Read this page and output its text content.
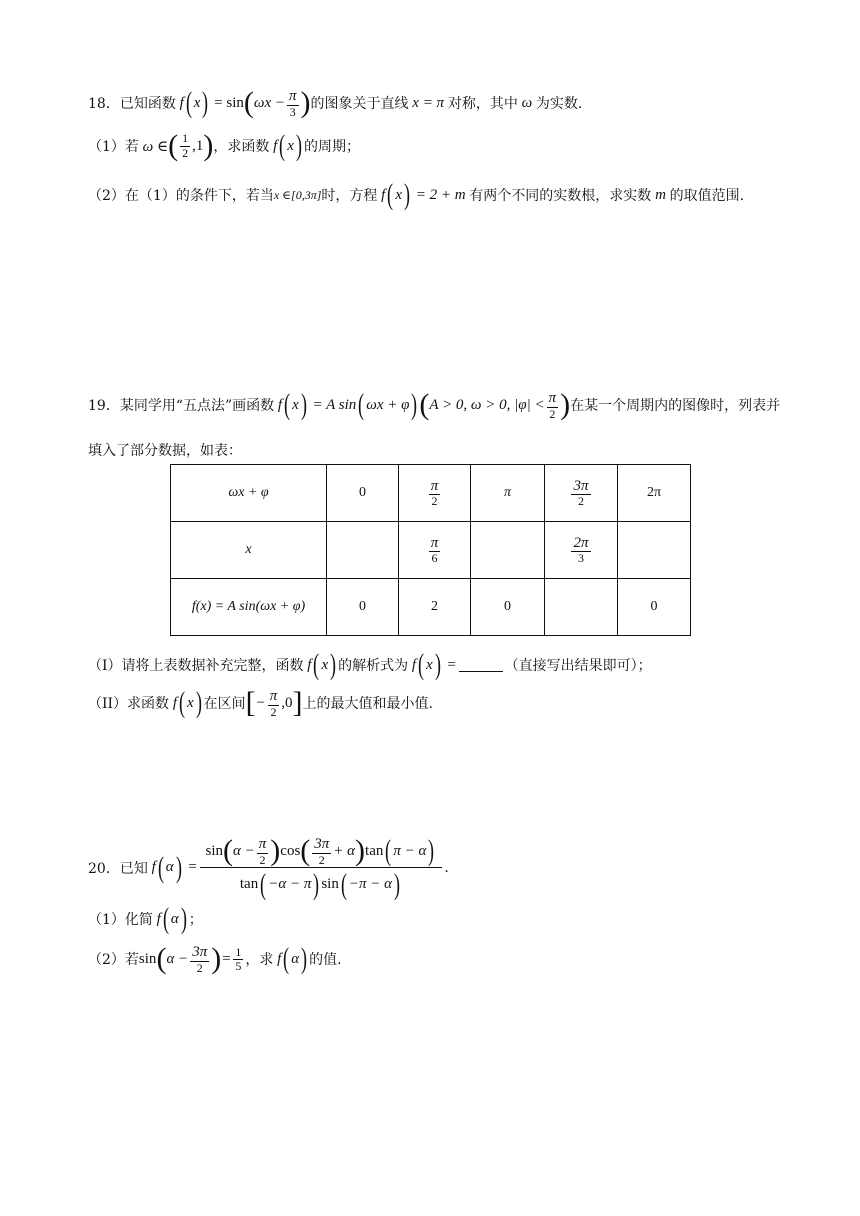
18． 已知函数 f ( x ) = sin ( $\omega x - \frac{\pi}{3}$ ) 的图象关于直线 x = π 对称，其中 ω 为实数.
（1）若 ω ∈ ( $\frac{1}{2} ,1$ ) ，求函数 f ( x ) 的周期；
（2）在（1）的条件下，若当 x ∈[0,3π] 时，方程 f ( x ) = 2 + m 有两个不同的实数根，求实数 m 的取值范围.
19． 某同学用“五点法”画函数 f ( x ) = A sin ( ωx + φ ) ( A > 0, ω > 0, $|\varphi| < \frac{\pi}{2}$ ) 在某一个周期内的图像时，列表并
填入了部分数据，如表：
ωx + φ	0	$\frac{\pi}{2}$	π	$\frac{3\pi}{2}$	2π
x		$\frac{\pi}{6}$		$\frac{2\pi}{3}$

f(x) = A sin(ωx + φ)	0	2	0		0
（I）请将上表数据补充完整，函数 f ( x ) 的解析式为 f ( x ) =	（直接写出结果即可）；
（II）求函数 f ( x ) 在区间 [ − $\frac{\pi}{2} ,0$ ] 上的最大值和最小值.
20．已知 f ( α ) = $\frac{\sin ( \alpha - \frac{\pi}{2} ) \cos ( \frac{3\pi}{2} + \alpha ) \tan ( \pi - \alpha )}{\tan ( -\alpha - \pi ) \sin ( -\pi - \alpha )}$ .
（1）化简 f ( α ) ；
（2）若 sin ( $\alpha - \frac{3\pi}{2}$ ) = $\frac{1}{5}$ ，求 f ( α ) 的值.
